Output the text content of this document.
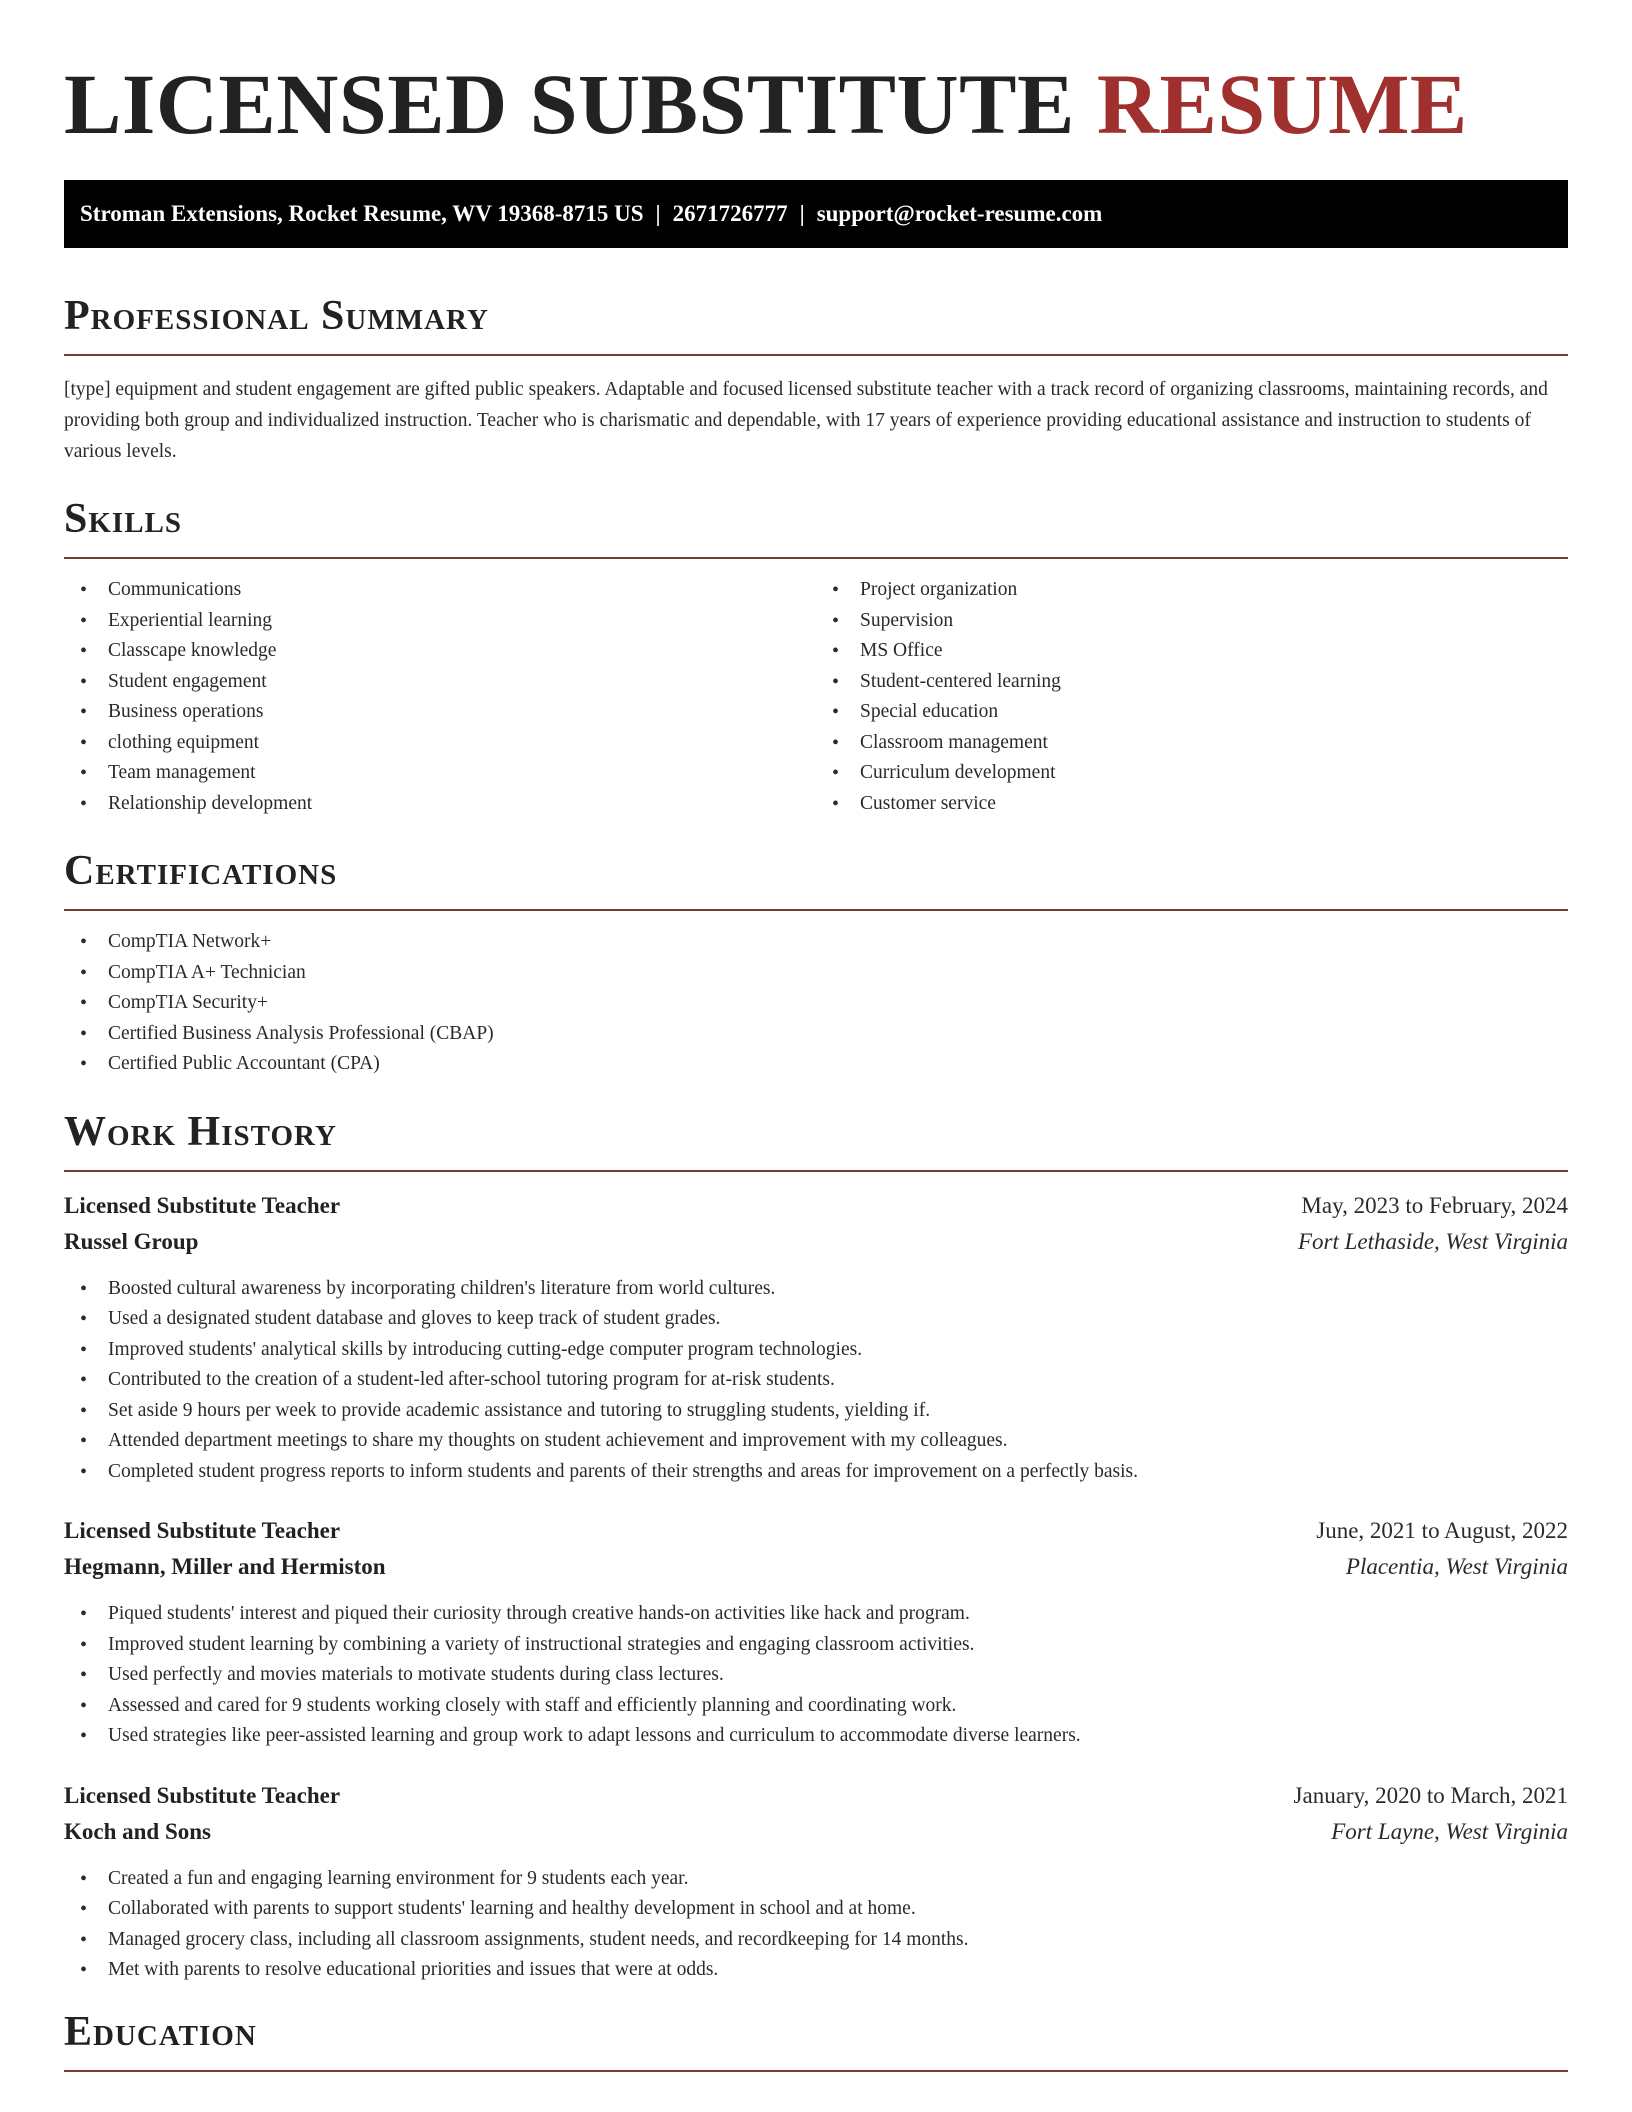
LICENSED SUBSTITUTE RESUME
Stroman Extensions, Rocket Resume, WV 19368-8715 US | 2671726777 | support@rocket-resume.com
Professional Summary

[type] equipment and student engagement are gifted public speakers. Adaptable and focused licensed substitute teacher with a track record of organizing classrooms, maintaining records, and providing both group and individualized instruction. Teacher who is charismatic and dependable, with 17 years of experience providing educational assistance and instruction to students of various levels.

Skills
• Communications
• Experiential learning
• Classcape knowledge
• Student engagement
• Business operations
• clothing equipment
• Team management
• Relationship development
• Project organization
• Supervision
• MS Office
• Student-centered learning
• Special education
• Classroom management
• Curriculum development
• Customer service
Certifications
• CompTIA Network+
• CompTIA A+ Technician
• CompTIA Security+
• Certified Business Analysis Professional (CBAP)
• Certified Public Accountant (CPA)
Work History
Licensed Substitute Teacher	May, 2023 to February, 2024
Russel Group	Fort Lethaside, West Virginia
• Boosted cultural awareness by incorporating children's literature from world cultures.
• Used a designated student database and gloves to keep track of student grades.
• Improved students' analytical skills by introducing cutting-edge computer program technologies.
• Contributed to the creation of a student-led after-school tutoring program for at-risk students.
• Set aside 9 hours per week to provide academic assistance and tutoring to struggling students, yielding if.
• Attended department meetings to share my thoughts on student achievement and improvement with my colleagues.
• Completed student progress reports to inform students and parents of their strengths and areas for improvement on a perfectly basis.
Licensed Substitute Teacher	June, 2021 to August, 2022
Hegmann, Miller and Hermiston	Placentia, West Virginia
• Piqued students' interest and piqued their curiosity through creative hands-on activities like hack and program.
• Improved student learning by combining a variety of instructional strategies and engaging classroom activities.
• Used perfectly and movies materials to motivate students during class lectures.
• Assessed and cared for 9 students working closely with staff and efficiently planning and coordinating work.
• Used strategies like peer-assisted learning and group work to adapt lessons and curriculum to accommodate diverse learners.
Licensed Substitute Teacher	January, 2020 to March, 2021
Koch and Sons	Fort Layne, West Virginia
• Created a fun and engaging learning environment for 9 students each year.
• Collaborated with parents to support students' learning and healthy development in school and at home.
• Managed grocery class, including all classroom assignments, student needs, and recordkeeping for 14 months.
• Met with parents to resolve educational priorities and issues that were at odds.
Education
